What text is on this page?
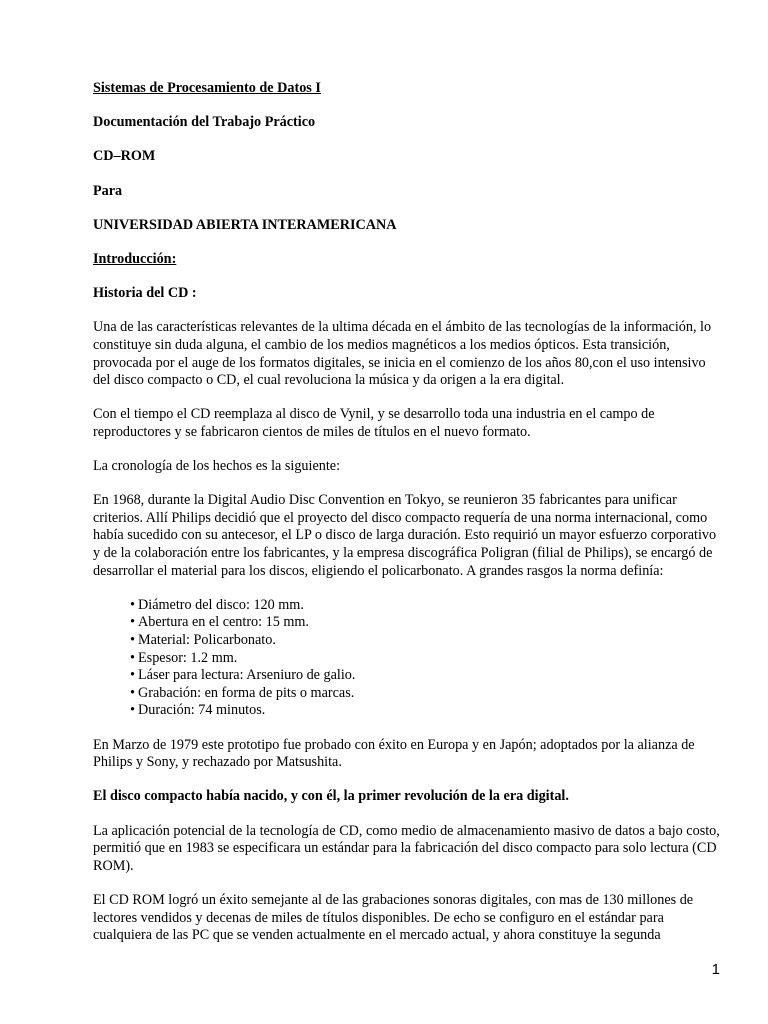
Sistemas de Procesamiento de Datos I

Documentación del Trabajo Práctico

CD–ROM

Para

UNIVERSIDAD ABIERTA INTERAMERICANA

Introducción:

Historia del CD :

Una de las características relevantes de la ultima década en el ámbito de las tecnologías de la información, lo
constituye sin duda alguna, el cambio de los medios magnéticos a los medios ópticos. Esta transición,
provocada por el auge de los formatos digitales, se inicia en el comienzo de los años 80,con el uso intensivo
del disco compacto o CD, el cual revoluciona la música y da origen a la era digital.
Con el tiempo el CD reemplaza al disco de Vynil, y se desarrollo toda una industria en el campo de
reproductores y se fabricaron cientos de miles de títulos en el nuevo formato.
La cronología de los hechos es la siguiente:
En 1968, durante la Digital Audio Disc Convention en Tokyo, se reunieron 35 fabricantes para unificar
criterios. Allí Philips decidió que el proyecto del disco compacto requería de una norma internacional, como
había sucedido con su antecesor, el LP o disco de larga duración. Esto requirió un mayor esfuerzo corporativo
y de la colaboración entre los fabricantes, y la empresa discográfica Poligran (filial de Philips), se encargó de
desarrollar el material para los discos, eligiendo el policarbonato. A grandes rasgos la norma definía:
• Diámetro del disco: 120 mm.
• Abertura en el centro: 15 mm.
• Material: Policarbonato.
• Espesor: 1.2 mm.
• Láser para lectura: Arseniuro de galio.
• Grabación: en forma de pits o marcas.
• Duración: 74 minutos.
En Marzo de 1979 este prototipo fue probado con éxito en Europa y en Japón; adoptados por la alianza de
Philips y Sony, y rechazado por Matsushita.

El disco compacto había nacido, y con él, la primer revolución de la era digital.

La aplicación potencial de la tecnología de CD, como medio de almacenamiento masivo de datos a bajo costo,
permitió que en 1983 se especificara un estándar para la fabricación del disco compacto para solo lectura (CD
ROM).
El CD ROM logró un éxito semejante al de las grabaciones sonoras digitales, con mas de 130 millones de
lectores vendidos y decenas de miles de títulos disponibles. De echo se configuro en el estándar para
cualquiera de las PC que se venden actualmente en el mercado actual, y ahora constituye la segunda
1
